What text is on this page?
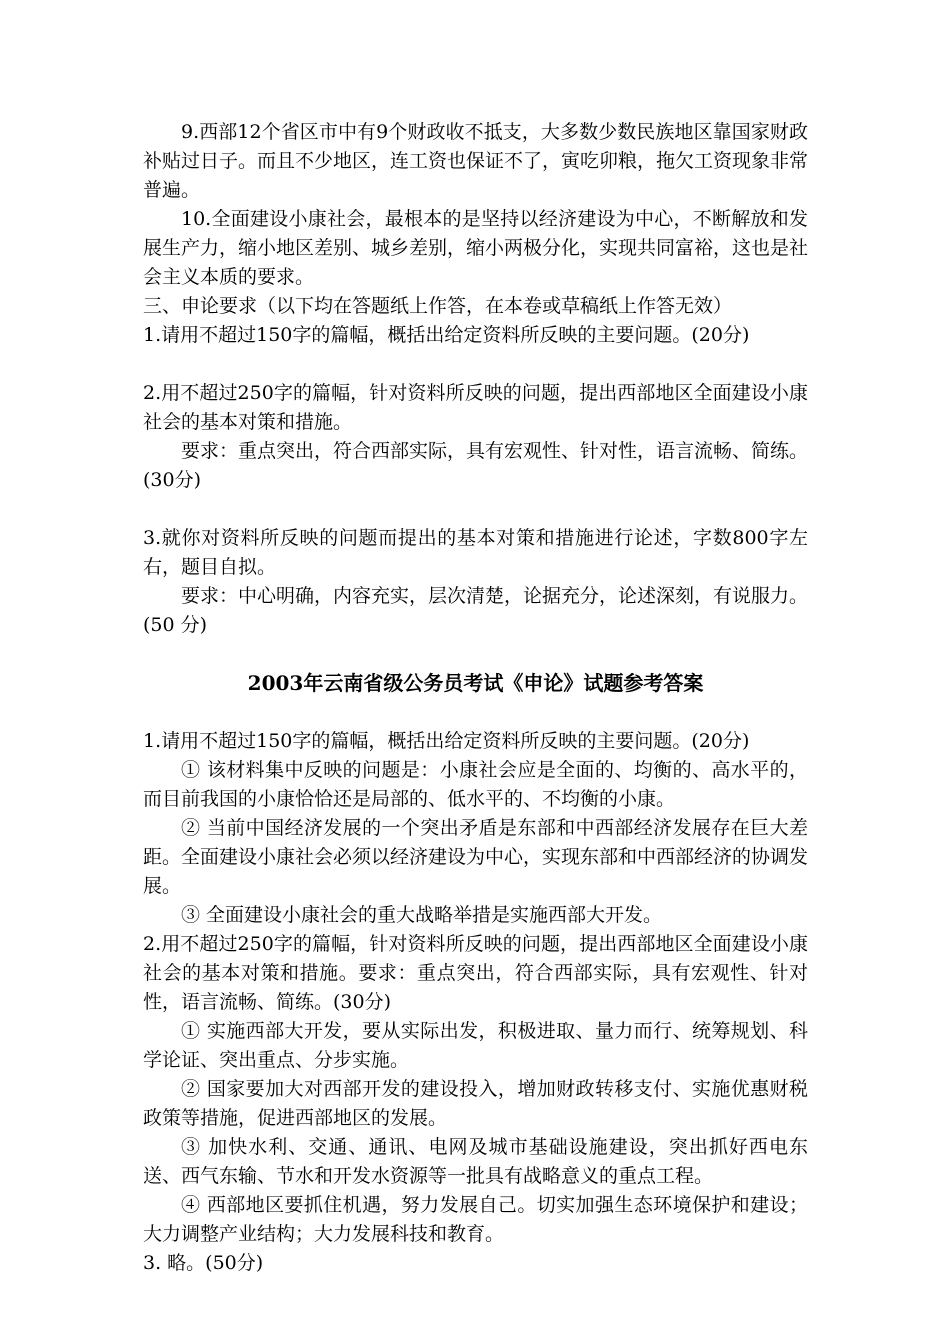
9.西部12个省区市中有9个财政收不抵支，大多数少数民族地区靠国家财政补贴过日子。而且不少地区，连工资也保证不了，寅吃卯粮，拖欠工资现象非常普遍。

10.全面建设小康社会，最根本的是坚持以经济建设为中心，不断解放和发展生产力，缩小地区差别、城乡差别，缩小两极分化，实现共同富裕，这也是社会主义本质的要求。

三、申论要求（以下均在答题纸上作答，在本卷或草稿纸上作答无效）

1.请用不超过150字的篇幅，概括出给定资料所反映的主要问题。(20分)

2.用不超过250字的篇幅，针对资料所反映的问题，提出西部地区全面建设小康社会的基本对策和措施。

要求：重点突出，符合西部实际，具有宏观性、针对性，语言流畅、简练。(30分)

3.就你对资料所反映的问题而提出的基本对策和措施进行论述，字数800字左右，题目自拟。

要求：中心明确，内容充实，层次清楚，论据充分，论述深刻，有说服力。(50 分)

2003年云南省级公务员考试《申论》试题参考答案

1.请用不超过150字的篇幅，概括出给定资料所反映的主要问题。(20分)

① 该材料集中反映的问题是：小康社会应是全面的、均衡的、高水平的，而目前我国的小康恰恰还是局部的、低水平的、不均衡的小康。

② 当前中国经济发展的一个突出矛盾是东部和中西部经济发展存在巨大差距。全面建设小康社会必须以经济建设为中心，实现东部和中西部经济的协调发展。

③ 全面建设小康社会的重大战略举措是实施西部大开发。

2.用不超过250字的篇幅，针对资料所反映的问题，提出西部地区全面建设小康社会的基本对策和措施。要求：重点突出，符合西部实际，具有宏观性、针对性，语言流畅、简练。(30分)

① 实施西部大开发，要从实际出发，积极进取、量力而行、统筹规划、科学论证、突出重点、分步实施。

② 国家要加大对西部开发的建设投入，增加财政转移支付、实施优惠财税政策等措施，促进西部地区的发展。

③ 加快水利、交通、通讯、电网及城市基础设施建设，突出抓好西电东送、西气东输、节水和开发水资源等一批具有战略意义的重点工程。

④ 西部地区要抓住机遇，努力发展自己。切实加强生态环境保护和建设；大力调整产业结构；大力发展科技和教育。

3. 略。(50分)
